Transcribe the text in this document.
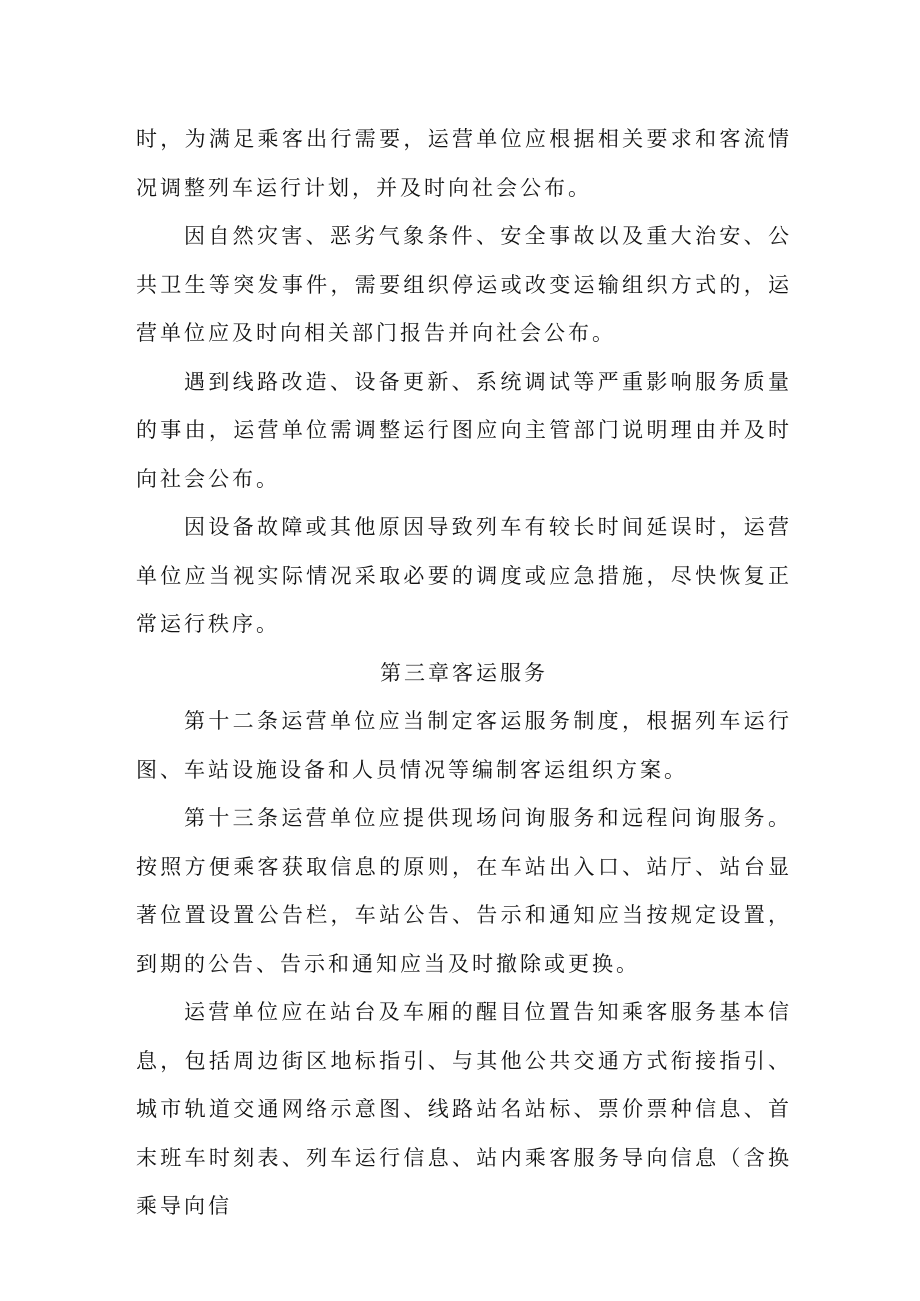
时，为满足乘客出行需要，运营单位应根据相关要求和客流情况调整列车运行计划，并及时向社会公布。

因自然灾害、恶劣气象条件、安全事故以及重大治安、公共卫生等突发事件，需要组织停运或改变运输组织方式的，运营单位应及时向相关部门报告并向社会公布。

遇到线路改造、设备更新、系统调试等严重影响服务质量的事由，运营单位需调整运行图应向主管部门说明理由并及时向社会公布。

因设备故障或其他原因导致列车有较长时间延误时，运营单位应当视实际情况采取必要的调度或应急措施，尽快恢复正常运行秩序。

第三章客运服务

第十二条运营单位应当制定客运服务制度，根据列车运行图、车站设施设备和人员情况等编制客运组织方案。

第十三条运营单位应提供现场问询服务和远程问询服务。按照方便乘客获取信息的原则，在车站出入口、站厅、站台显著位置设置公告栏，车站公告、告示和通知应当按规定设置，到期的公告、告示和通知应当及时撤除或更换。

运营单位应在站台及车厢的醒目位置告知乘客服务基本信息，包括周边街区地标指引、与其他公共交通方式衔接指引、城市轨道交通网络示意图、线路站名站标、票价票种信息、首末班车时刻表、列车运行信息、站内乘客服务导向信息（含换乘导向信
